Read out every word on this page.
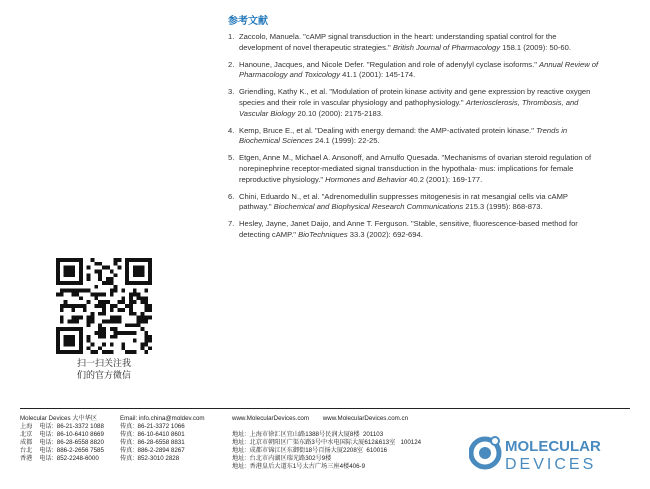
参考文献
1. Zaccolo, Manuela. "cAMP signal transduction in the heart: understanding spatial control for the development of novel therapeutic strategies." British Journal of Pharmacology 158.1 (2009): 50-60.
2. Hanoune, Jacques, and Nicole Defer. "Regulation and role of adenylyl cyclase isoforms." Annual Review of Pharmacology and Toxicology 41.1 (2001): 145-174.
3. Griendling, Kathy K., et al. "Modulation of protein kinase activity and gene expression by reactive oxygen species and their role in vascular physiology and pathophysiology." Arteriosclerosis, Thrombosis, and Vascular Biology 20.10 (2000): 2175-2183.
4. Kemp, Bruce E., et al. "Dealing with energy demand: the AMP-activated protein kinase." Trends in Biochemical Sciences 24.1 (1999): 22-25.
5. Etgen, Anne M., Michael A. Ansonoff, and Arnulfo Quesada. "Mechanisms of ovarian steroid regulation of norepinephrine receptor-mediated signal transduction in the hypothala- mus: implications for female reproductive physiology." Hormones and Behavior 40.2 (2001): 169-177.
6. Chini, Eduardo N., et al. "Adrenomedullin suppresses mitogenesis in rat mesangial cells via cAMP pathway." Biochemical and Biophysical Research Communications 215.3 (1995): 868-873.
7. Hesley, Jayne, Janet Daijo, and Anne T. Ferguson. "Stable, sensitive, fluorescence-based method for detecting cAMP." BioTechniques 33.3 (2002): 692-694.
扫一扫关注我
们的官方微信
Molecular Devices 大中华区
上海    电话:  86-21-3372 1088
北京    电话:  86-10-6410 8669
成都    电话:  86-28-6558 8820
台北    电话:  886-2-2656 7585
香港    电话:  852-2248-6000
Email: info.china@moldev.com
传真:  86-21-3372 1066
传真:  86-10-6410 8601
传真:  86-28-6558 8831
传真:  886-2-2894 8267
传真:  852-3010 2828
www.MolecularDevices.com        www.MolecularDevices.com.cn
地址:  上海市徐汇区宜山路1388号民润大厦8楼  201103
地址:  北京市朝阳区广渠东路3号中水电国际大厦612&613室   100124
地址:  成都市锦江区东御街18号百扬大厦2208室  610016
地址:  台北市内湖区瑞光路302号9楼
地址:  香港皇后大道东1号太古广场三座4楼406-9
MOLECULAR
DEVICES
